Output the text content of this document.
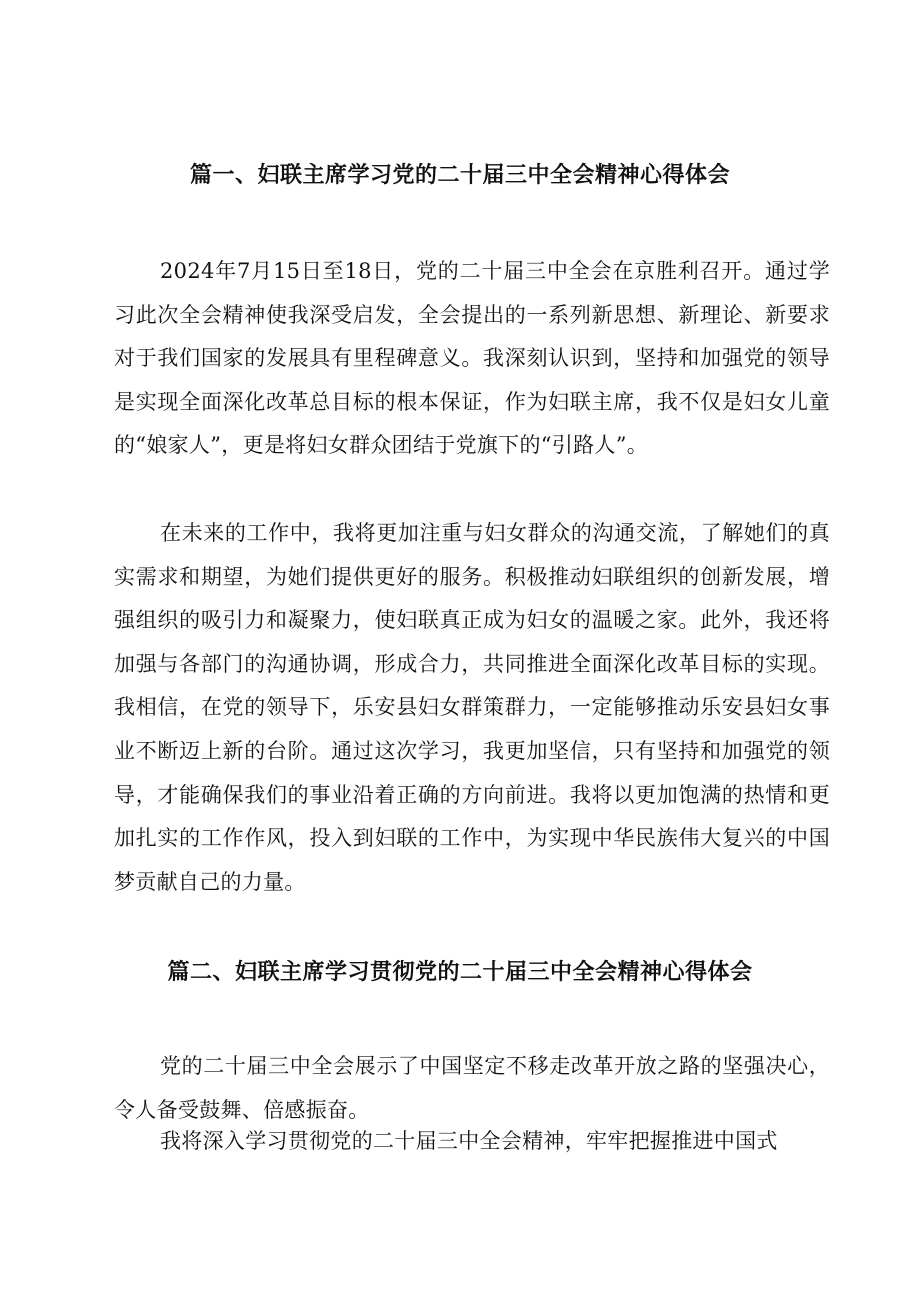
篇一、妇联主席学习党的二十届三中全会精神心得体会

2024年7月15日至18日，党的二十届三中全会在京胜利召开。通过学习此次全会精神使我深受启发，全会提出的一系列新思想、新理论、新要求对于我们国家的发展具有里程碑意义。我深刻认识到，坚持和加强党的领导是实现全面深化改革总目标的根本保证，作为妇联主席，我不仅是妇女儿童的“娘家人”，更是将妇女群众团结于党旗下的“引路人”。

在未来的工作中，我将更加注重与妇女群众的沟通交流，了解她们的真实需求和期望，为她们提供更好的服务。积极推动妇联组织的创新发展，增强组织的吸引力和凝聚力，使妇联真正成为妇女的温暖之家。此外，我还将加强与各部门的沟通协调，形成合力，共同推进全面深化改革目标的实现。我相信，在党的领导下，乐安县妇女群策群力，一定能够推动乐安县妇女事业不断迈上新的台阶。通过这次学习，我更加坚信，只有坚持和加强党的领导，才能确保我们的事业沿着正确的方向前进。我将以更加饱满的热情和更加扎实的工作作风，投入到妇联的工作中，为实现中华民族伟大复兴的中国梦贡献自己的力量。

篇二、妇联主席学习贯彻党的二十届三中全会精神心得体会

党的二十届三中全会展示了中国坚定不移走改革开放之路的坚强决心，令人备受鼓舞、倍感振奋。

我将深入学习贯彻党的二十届三中全会精神，牢牢把握推进中国式
